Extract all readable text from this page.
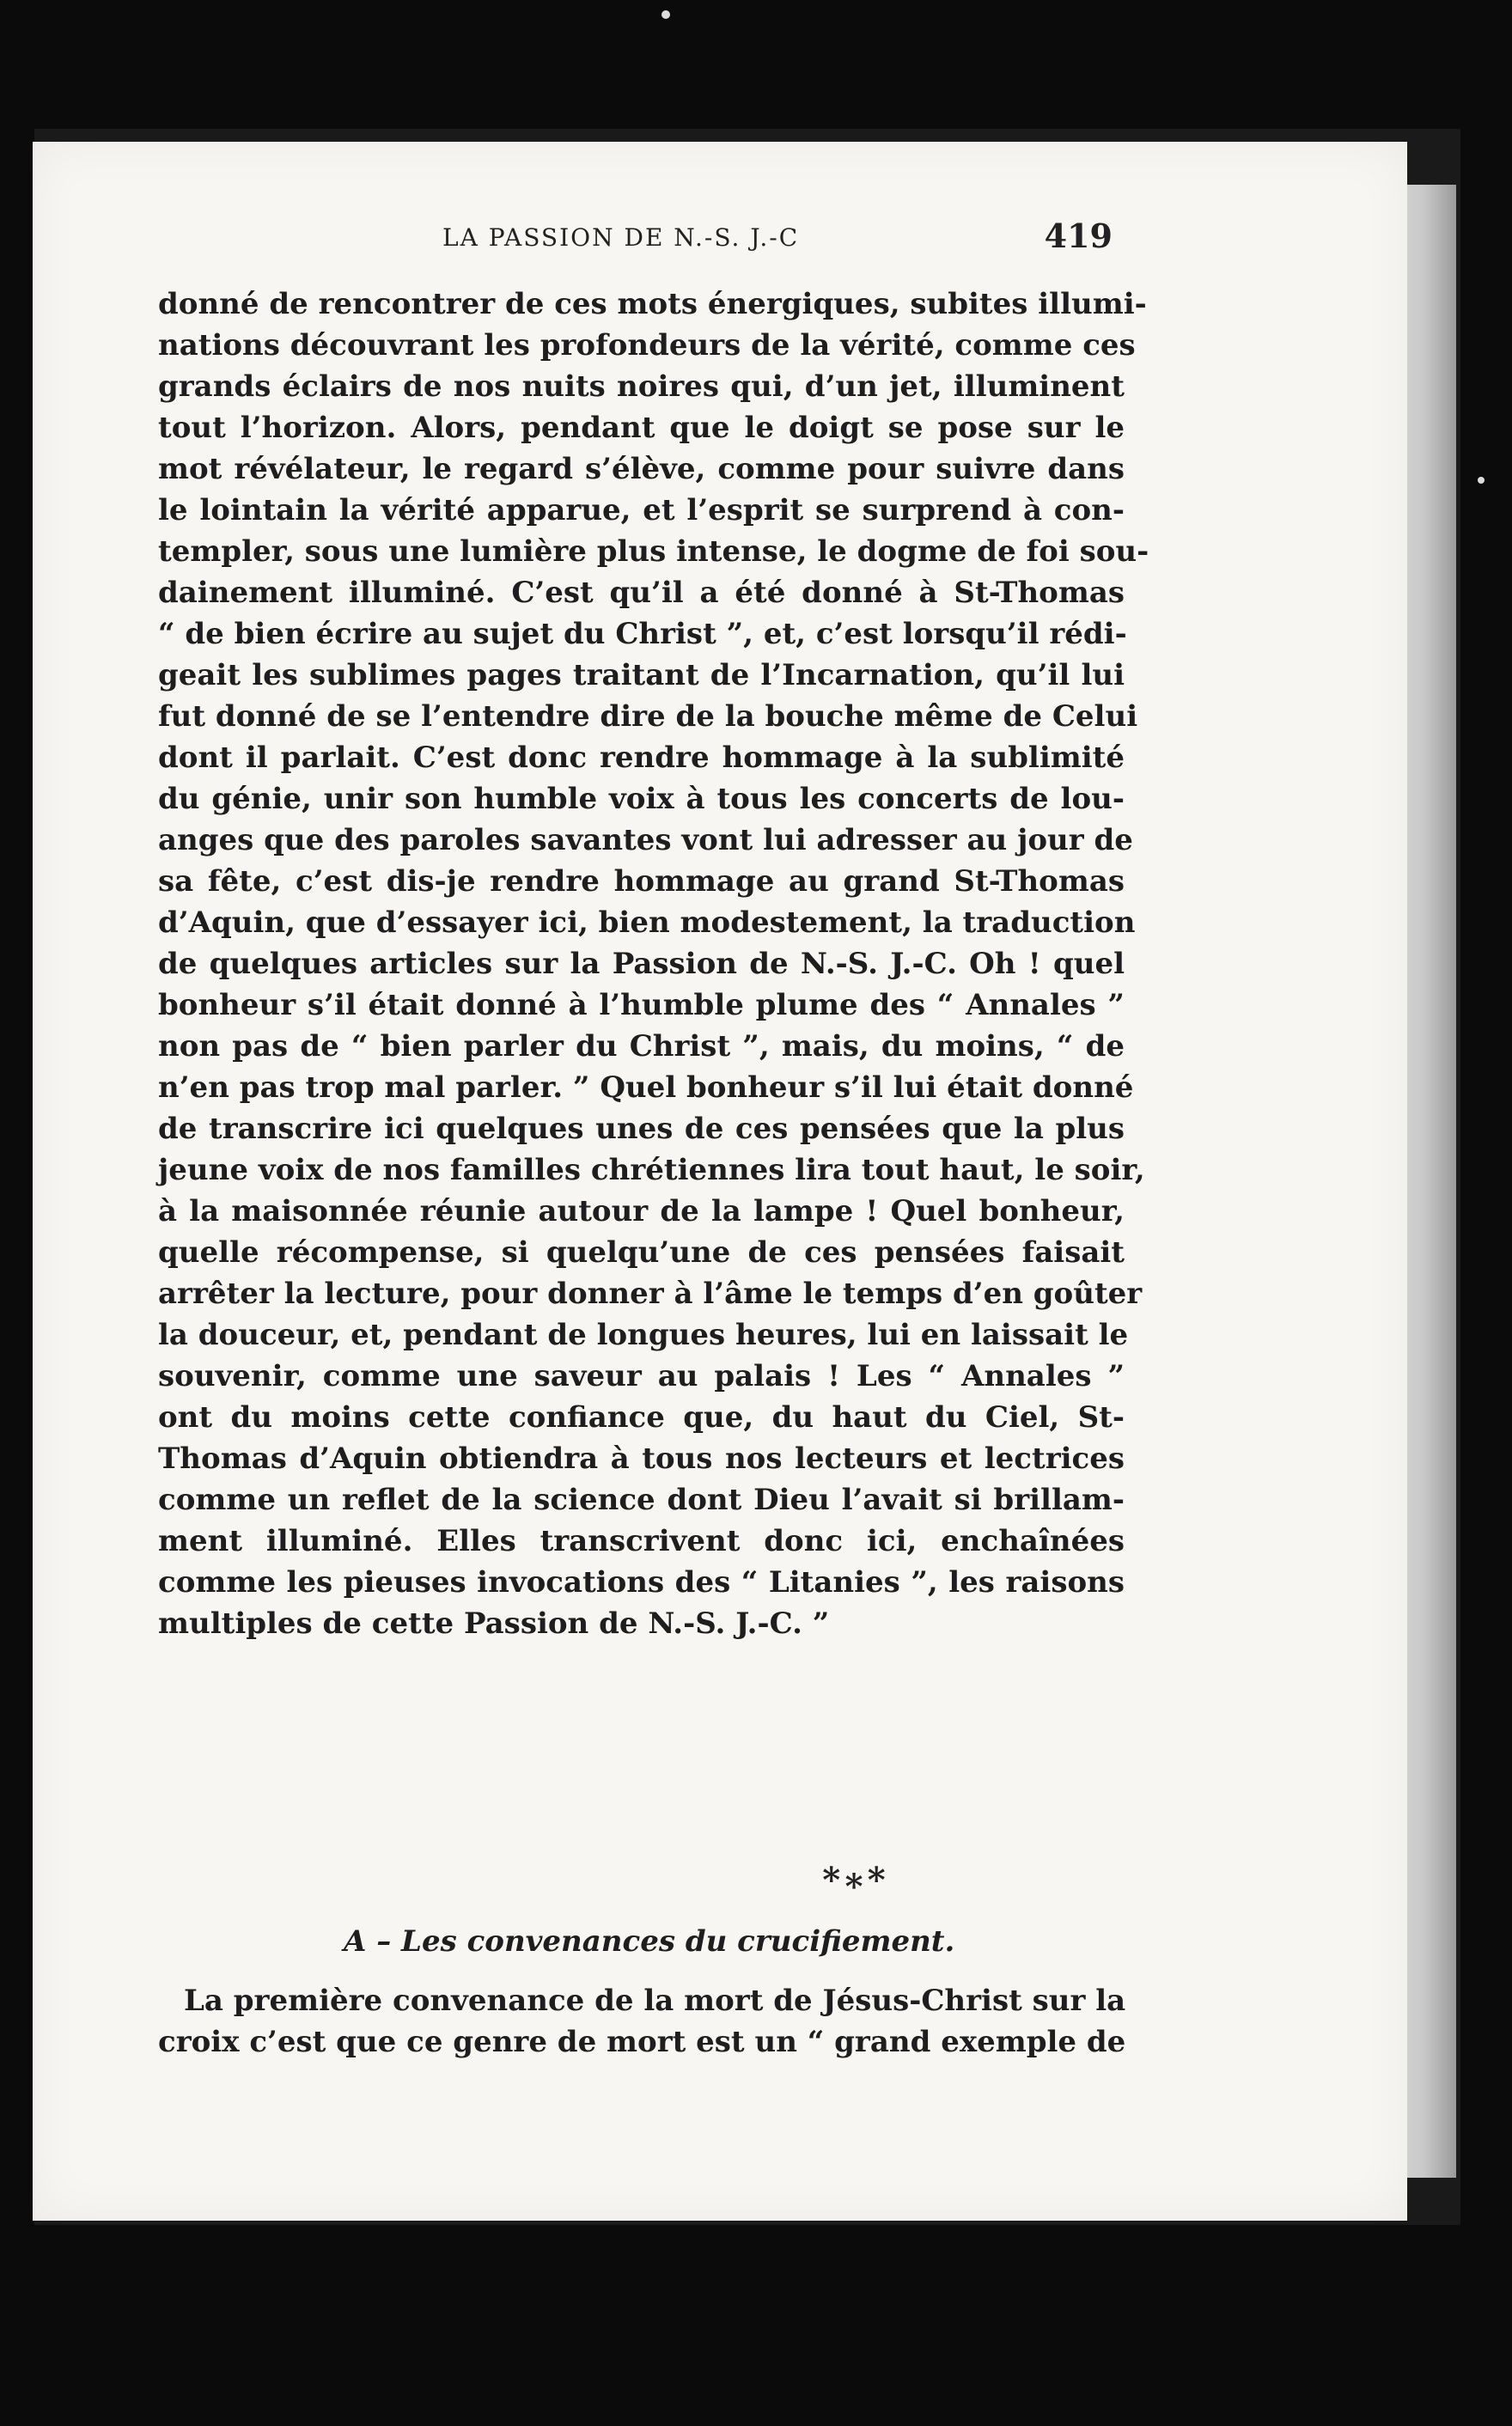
LA PASSION DE N.-S. J.-C	419
donné de rencontrer de ces mots énergiques, subites illumi-
nations découvrant les profondeurs de la vérité, comme ces
grands éclairs de nos nuits noires qui, d’un jet, illuminent
tout l’horizon. Alors, pendant que le doigt se pose sur le
mot révélateur, le regard s’élève, comme pour suivre dans
le lointain la vérité apparue, et l’esprit se surprend à con-
templer, sous une lumière plus intense, le dogme de foi sou-
dainement illuminé. C’est qu’il a été donné à St-Thomas
“ de bien écrire au sujet du Christ ”, et, c’est lorsqu’il rédi-
geait les sublimes pages traitant de l’Incarnation, qu’il lui
fut donné de se l’entendre dire de la bouche même de Celui
dont il parlait. C’est donc rendre hommage à la sublimité
du génie, unir son humble voix à tous les concerts de lou-
anges que des paroles savantes vont lui adresser au jour de
sa fête, c’est dis-je rendre hommage au grand St-Thomas
d’Aquin, que d’essayer ici, bien modestement, la traduction
de quelques articles sur la Passion de N.-S. J.-C. Oh ! quel
bonheur s’il était donné à l’humble plume des “ Annales ”
non pas de “ bien parler du Christ ”, mais, du moins, “ de
n’en pas trop mal parler. ” Quel bonheur s’il lui était donné
de transcrire ici quelques unes de ces pensées que la plus
jeune voix de nos familles chrétiennes lira tout haut, le soir,
à la maisonnée réunie autour de la lampe ! Quel bonheur,
quelle récompense, si quelqu’une de ces pensées faisait
arrêter la lecture, pour donner à l’âme le temps d’en goûter
la douceur, et, pendant de longues heures, lui en laissait le
souvenir, comme une saveur au palais ! Les “ Annales ”
ont du moins cette confiance que, du haut du Ciel, St-
Thomas d’Aquin obtiendra à tous nos lecteurs et lectrices
comme un reflet de la science dont Dieu l’avait si brillam-
ment illuminé. Elles transcrivent donc ici, enchaînées
comme les pieuses invocations des “ Litanies ”, les raisons
multiples de cette Passion de N.-S. J.-C. ”
*∗*
A – Les convenances du crucifiement.
La première convenance de la mort de Jésus-Christ sur la
croix c’est que ce genre de mort est un “ grand exemple de
